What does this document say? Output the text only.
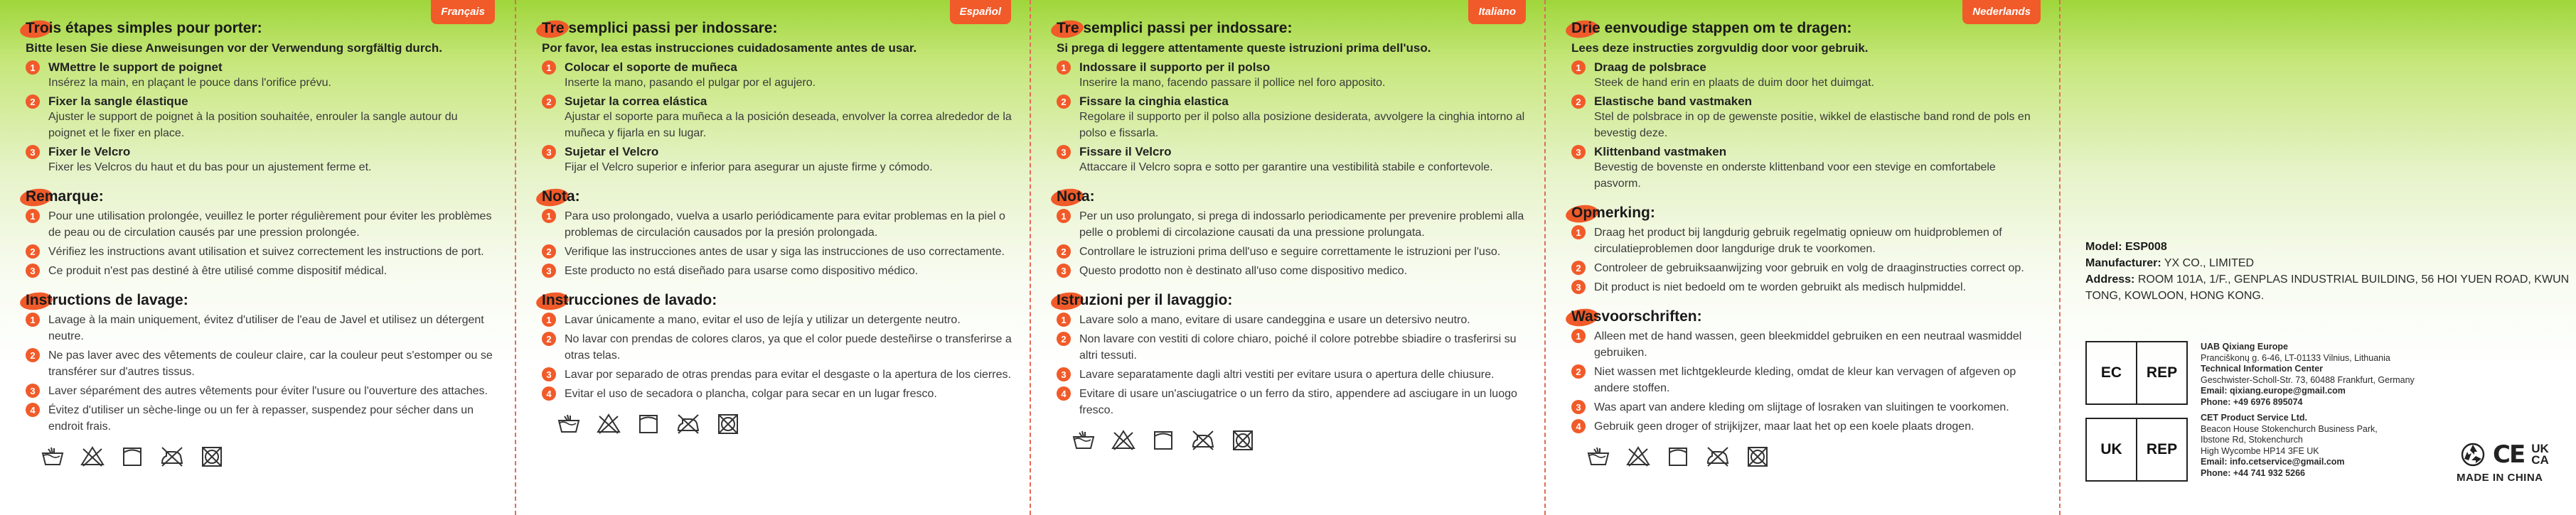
Français
Trois étapes simples pour porter:
Bitte lesen Sie diese Anweisungen vor der Verwendung sorgfältig durch.
1	WMettre le support de poignet
Insérez la main, en plaçant le pouce dans l'orifice prévu.
2	Fixer la sangle élastique
Ajuster le support de poignet à la position souhaitée, enrouler la sangle autour du poignet et le fixer en place.
3	Fixer le Velcro
Fixer les Velcros du haut et du bas pour un ajustement ferme et.
Remarque:
1	Pour une utilisation prolongée, veuillez le porter régulièrement pour éviter les problèmes de peau ou de circulation causés par une pression prolongée.
2	Vérifiez les instructions avant utilisation et suivez correctement les instructions de port.
3	Ce produit n'est pas destiné à être utilisé comme dispositif médical.
Instructions de lavage:
1	Lavage à la main uniquement, évitez d'utiliser de l'eau de Javel et utilisez un détergent neutre.
2	Ne pas laver avec des vêtements de couleur claire, car la couleur peut s'estomper ou se transférer sur d'autres tissus.
3	Laver séparément des autres vêtements pour éviter l'usure ou l'ouverture des attaches.
4	Évitez d'utiliser un sèche-linge ou un fer à repasser, suspendez pour sécher dans un endroit frais.
Español
Tre semplici passi per indossare:
Por favor, lea estas instrucciones cuidadosamente antes de usar.
1	Colocar el soporte de muñeca
Inserte la mano, pasando el pulgar por el agujero.
2	Sujetar la correa elástica
Ajustar el soporte para muñeca a la posición deseada, envolver la correa alrededor de la muñeca y fijarla en su lugar.
3	Sujetar el Velcro
Fijar el Velcro superior e inferior para asegurar un ajuste firme y cómodo.
Nota:
1	Para uso prolongado, vuelva a usarlo periódicamente para evitar problemas en la piel o problemas de circulación causados por la presión prolongada.
2	Verifique las instrucciones antes de usar y siga las instrucciones de uso correctamente.
3	Este producto no está diseñado para usarse como dispositivo médico.
Instrucciones de lavado:
1	Lavar únicamente a mano, evitar el uso de lejía y utilizar un detergente neutro.
2	No lavar con prendas de colores claros, ya que el color puede desteñirse o transferirse a otras telas.
3	Lavar por separado de otras prendas para evitar el desgaste o la apertura de los cierres.
4	Evitar el uso de secadora o plancha, colgar para secar en un lugar fresco.
Italiano
Tre semplici passi per indossare:
Si prega di leggere attentamente queste istruzioni prima dell'uso.
1	Indossare il supporto per il polso
Inserire la mano, facendo passare il pollice nel foro apposito.
2	Fissare la cinghia elastica
Regolare il supporto per il polso alla posizione desiderata, avvolgere la cinghia intorno al polso e fissarla.
3	Fissare il Velcro
Attaccare il Velcro sopra e sotto per garantire una vestibilità stabile e confortevole.
Nota:
1	Per un uso prolungato, si prega di indossarlo periodicamente per prevenire problemi alla pelle o problemi di circolazione causati da una pressione prolungata.
2	Controllare le istruzioni prima dell'uso e seguire correttamente le istruzioni per l'uso.
3	Questo prodotto non è destinato all'uso come dispositivo medico.
Istruzioni per il lavaggio:
1	Lavare solo a mano, evitare di usare candeggina e usare un detersivo neutro.
2	Non lavare con vestiti di colore chiaro, poiché il colore potrebbe sbiadire o trasferirsi su altri tessuti.
3	Lavare separatamente dagli altri vestiti per evitare usura o apertura delle chiusure.
4	Evitare di usare un'asciugatrice o un ferro da stiro, appendere ad asciugare in un luogo fresco.
Nederlands
Drie eenvoudige stappen om te dragen:
Lees deze instructies zorgvuldig door voor gebruik.
1	Draag de polsbrace
Steek de hand erin en plaats de duim door het duimgat.
2	Elastische band vastmaken
Stel de polsbrace in op de gewenste positie, wikkel de elastische band rond de pols en bevestig deze.
3	Klittenband vastmaken
Bevestig de bovenste en onderste klittenband voor een stevige en comfortabele pasvorm.
Opmerking:
1	Draag het product bij langdurig gebruik regelmatig opnieuw om huidproblemen of circulatieproblemen door langdurige druk te voorkomen.
2	Controleer de gebruiksaanwijzing voor gebruik en volg de draaginstructies correct op.
3	Dit product is niet bedoeld om te worden gebruikt als medisch hulpmiddel.
Wasvoorschriften:
1	Alleen met de hand wassen, geen bleekmiddel gebruiken en een neutraal wasmiddel gebruiken.
2	Niet wassen met lichtgekleurde kleding, omdat de kleur kan vervagen of afgeven op andere stoffen.
3	Was apart van andere kleding om slijtage of losraken van sluitingen te voorkomen.
4	Gebruik geen droger of strijkijzer, maar laat het op een koele plaats drogen.
Model: ESP008
Manufacturer: YX CO., LIMITED
Address: ROOM 101A, 1/F., GENPLAS INDUSTRIAL BUILDING, 56 HOI YUEN ROAD, KWUN TONG, KOWLOON, HONG KONG.
EC	REP
UAB Qixiang Europe
Pranciškonų g. 6-46, LT-01133 Vilnius, Lithuania
Technical Information Center
Geschwister-Scholl-Str. 73, 60488 Frankfurt, Germany
Email: qixiang.europe@gmail.com
Phone: +49 6976 895074
UK	REP
CET Product Service Ltd.
Beacon House Stokenchurch Business Park,
Ibstone Rd, Stokenchurch
High Wycombe HP14 3FE UK
Email: info.cetservice@gmail.com
Phone: +44 741 932 5266
CE UK CA
MADE IN CHINA
